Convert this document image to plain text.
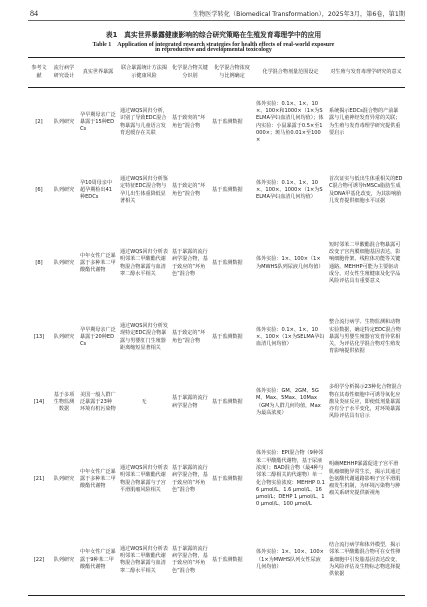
84	生物医学转化（Biomedical Transformation），2025年3月，第6卷，第1期
表1　真实世界暴露健康影响的综合研究策略在生殖发育毒理学中的应用
Table 1　Application of integrated research strategies for health effects of real-world exposure
in reproductive and developmental toxicology
参考文献	流行病学研究设计	真实世界暴露	联合暴露统计方法揭示健康风险	化学混合物关键分识别	化学混合物浓度与比例确定	化学混合物剂量范围设定	对生殖与发育毒理学研究的意义
[2]	队列研究	孕早期母亲广泛暴露于15种EDCs	通过WQS回归分析，识别了导致EDC混合物暴露与儿童语言发育迟缓存在关联	基于致突的“坏角色”混合物	基于监测数据	体外实验：0.1×、1×、10×、100×和1000×（1×为SELMA孕妇血清几何均值）；体内实验：小鼠暴露于0.5×至1000×；斑马鱼0.01×至100×	系统揭示EDCs混合物的产前暴露与儿童神经发育异常的关联；为生殖与发育毒理学研究提供重要启示
[6]	队列研究	孕10周母亲中超孕期检出41种EDCs	通过WQS回归分析鉴定特征EDC混合物与孕儿出生体重降低显著相关	基于致定的“坏角色”混合物	基于监测数据	体外实验：0.1×、1×、10×、100×、1000×（1×为SELMA孕妇血清几何均值）	首次证实与低出生体重相关的EDC混合物可诱导hMSCs脂肪生成及DNA甲基化改变，为其影响胎儿发育提供细胞水平证据
[8]	队列研究	中年女性广泛暴露于多种苯二甲酸酯代谢物	通过WQS回归分析表明邻苯二甲酸酯代谢物混合物暴露与血清睾二醇水平相关	基于暴露的流行病学混合物，基于致应的“坏角色”混合物	基于监测数据	体外实验：1×、100×（1×为MWHS队列尿液几何均值）	短时邻苯二甲酸酯混合物暴露可改变子宫内膜细胞基因表达，影响细胞骨架、线粒体功能等关键通路。MEHHP可能为主要驱动成分，对女性生殖健康及化学品风险评估具有重要意义
[13]	队列研究	孕早期母亲广泛暴露于20种EDCs	通过WQS回归分析发现特定EDC混合物暴露与男婴肛门生殖器距离缩短显著相关	基于致定的“坏角色”混合物	基于监测数据	体外实验：0.1×、1×、10×、100×（1×为SELMA孕妇血清几何均值）	整合流行病学、生物监测和动物实验数据，确定特定EDC混合物暴露与男婴生殖器官发育异常相关，为评估化学混合物对生殖发育影响提供依据
[14]	基于多项生物监测数据	美国一般人群广泛暴露于23种环境有机污染物	无	基于暴露的流行病学混合物	基于监测数据	体外实验：GM、2GM、5GM、Max、5Max、10Max（GM为人群几何均值，Max为最高浓度）	多组学分析揭示23种化合物混合物在其毒性细胞中可诱导氧化应激及炎症反应，即使低剂量暴露亦有分子水平变化，对环境暴露风险评估具有启示
[21]	队列研究	中年女性广泛暴露于多种苯二甲酸酯代谢物	通过WQS回归分析表明邻苯二甲酸酯代谢物混合物暴露与子宫平滑肌瘤风险相关	基于暴露的流行病学混合物，基于致应的“坏角色”混合物	基于监测数据	体外实验：EPI混合物（9种邻苯二甲酸酯代谢物，基于尿液浓度）；BAD混合物（最4种与邻苯二醇相关的代谢物）单一化合物实验浓度：MEHHP 0.16 μmol/L、1.6 μmol/L、16 μmol/L；DEHP 1 μmol/L、10 μmol/L、100 μmol/L	明确MEHHP暴露促进子宫平滑肌瘤细胞异常生长，揭示其通过色氨酸代谢通路影响子宫平滑肌瘤发生机制，为环境污染物与肿瘤关系研究提供新视角
[22]	队列研究	中年女性广泛暴露于9种苯二甲酸酯代谢物	通过WQS回归分析表明邻苯二甲酸酯代谢物混合物暴露与血清睾二醇水平相关	基于暴露的流行病学混合物，基于致应的“坏角色”混合物	基于监测数据	体外实验：1×、10×、100×（1×为MWHS队列女性尿液几何均值）	结合流行病学和体外模型，揭示邻苯二甲酸酯混合物可在女性卵巢细胞中引发脂基因表达改变，为风险评估及生物标志物选择提供依据
